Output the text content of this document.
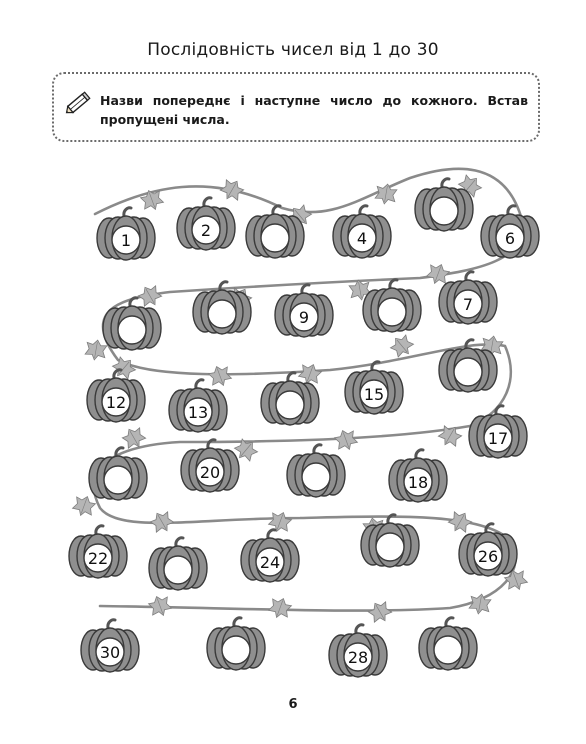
Послідовність чисел від 1 до 30
Назви попереднє і наступне число до кожного. Встав пропущені числа.
1
2	4	6
7
9
12
13
15
17
18
20
22	24	26
28
30
6
